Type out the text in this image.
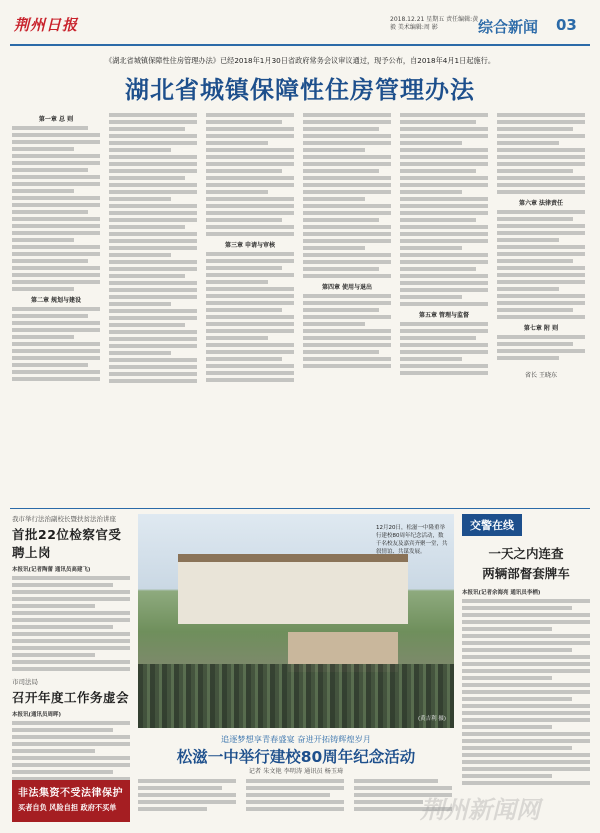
荆州日报	2018.12.21 星期五 责任编辑:黄 毅 美术编辑:周 影	综合新闻 03
《湖北省城镇保障性住房管理办法》已经2018年1月30日省政府常务会议审议通过，现予公布，自2018年4月1日起施行。
湖北省城镇保障性住房管理办法
第一章 总 则
第二章 规划与建设
第三章 申请与审核
第四章 使用与退出
第五章 管理与监督
第六章 法律责任
第七章 附 则
省长 王晓东
我市举行法治副校长暨扶贫法治讲座
首批22位检察官受聘上岗
本报讯(记者陶蕾 通讯员高建飞)
市司法局
召开年度工作务虚会
本报讯(通讯员周晖)
非法集资不受法律保护
买者自负 风险自担 政府不买单
12月20日，松滋一中隆重举行建校80周年纪念活动，数千名校友及嘉宾齐聚一堂，共叙情谊、共谋发展。
(黄吉利 摄)
追逐梦想享青春盛宴 奋进开拓铸辉煌岁月
松滋一中举行建校80周年纪念活动
记者 朱文艳 李明涛 通讯员 杨玉琦
交警在线
一天之内连查
两辆部督套牌车
本报讯(记者余海亮 通讯员李栖)
荆州新闻网
